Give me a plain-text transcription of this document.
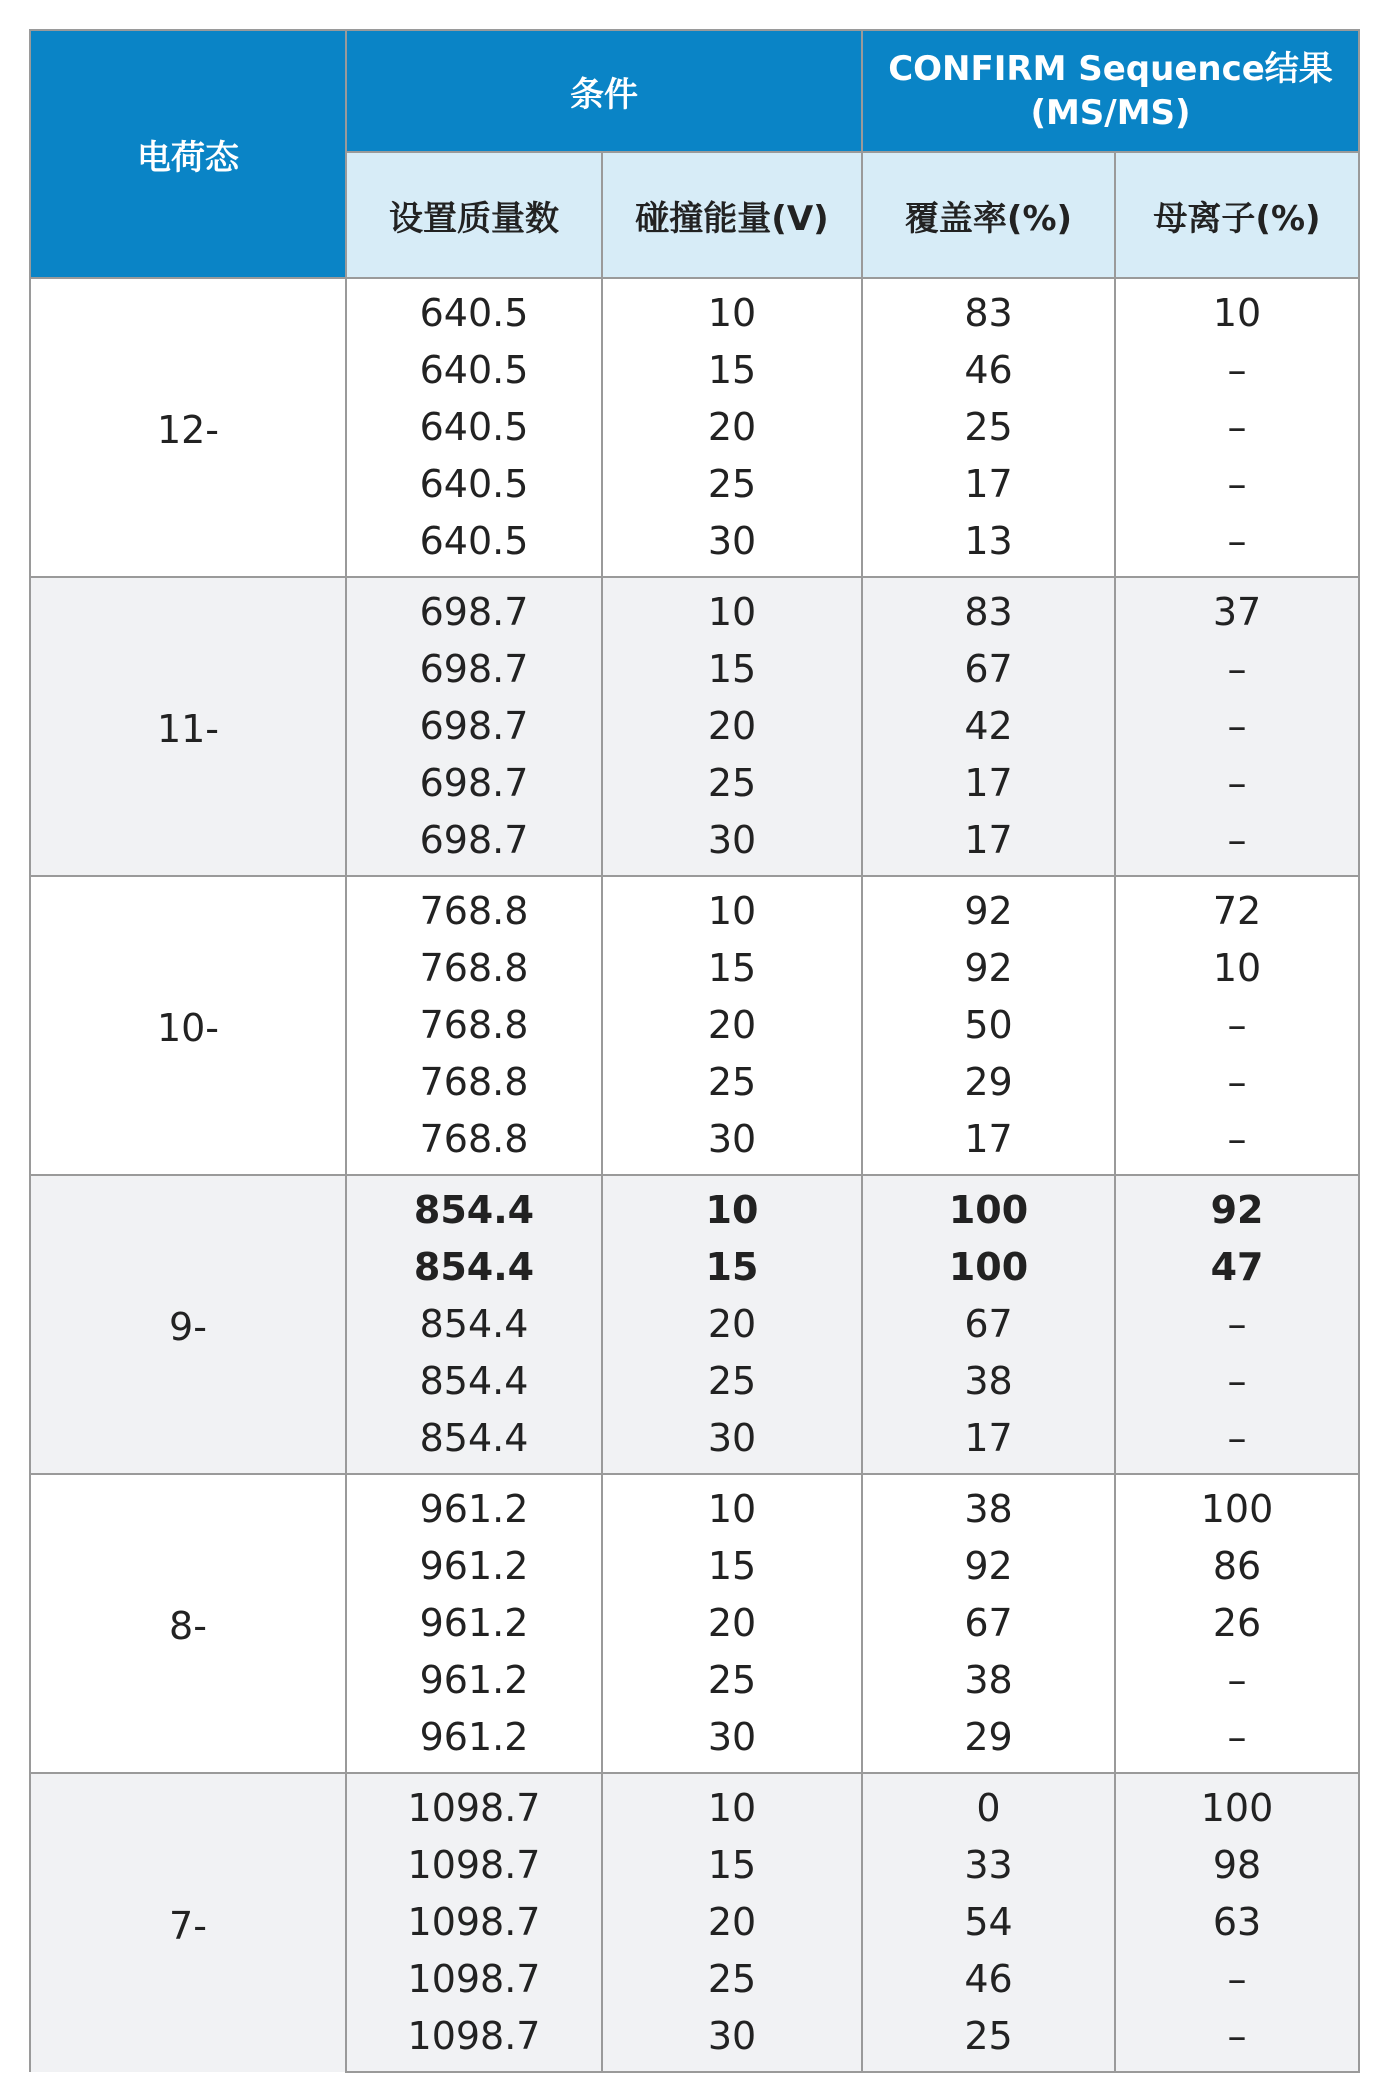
电荷态	条件		CONFIRM Sequence结果
(MS/MS)	

	设置质量数	碰撞能量(V)	覆盖率(%)	母离子(%)
12-	640.5	10	83	10
	640.5	15	46	–
	640.5	20	25	–
	640.5	25	17	–
	640.5	30	13	–
11-	698.7	10	83	37
	698.7	15	67	–
	698.7	20	42	–
	698.7	25	17	–
	698.7	30	17	–
10-	768.8	10	92	72
	768.8	15	92	10
	768.8	20	50	–
	768.8	25	29	–
	768.8	30	17	–
9-	854.4	10	100	92
	854.4	15	100	47
	854.4	20	67	–
	854.4	25	38	–
	854.4	30	17	–
8-	961.2	10	38	100
	961.2	15	92	86
	961.2	20	67	26
	961.2	25	38	–
	961.2	30	29	–
7-	1098.7	10	0	100
	1098.7	15	33	98
	1098.7	20	54	63
	1098.7	25	46	–
	1098.7	30	25	–
